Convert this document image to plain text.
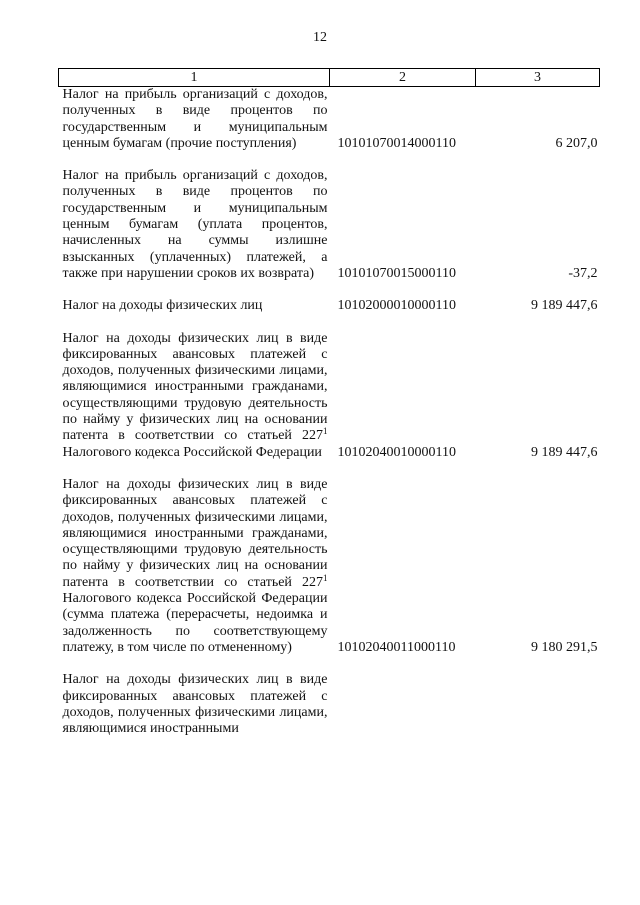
12
1	2	3
Налог на прибыль организаций с доходов, полученных в виде процентов по государственным и муниципальным ценным бумагам (прочие поступления)	10101070014000110	6 207,0

Налог на прибыль организаций с доходов, полученных в виде процентов по государственным и муниципальным ценным бумагам (уплата процентов, начисленных на суммы излишне взысканных (уплаченных) платежей, а также при нарушении сроков их возврата)	10101070015000110	-37,2

Налог на доходы физических лиц	10102000010000110	9 189 447,6

Налог на доходы физических лиц в виде фиксированных авансовых платежей с доходов, полученных физическими лицами, являющимися иностранными гражданами, осуществляющими трудовую деятельность по найму у физических лиц на основании патента в соответствии со статьей $227^1$ Налогового кодекса Российской Федерации	10102040010000110	9 189 447,6

Налог на доходы физических лиц в виде фиксированных авансовых платежей с доходов, полученных физическими лицами, являющимися иностранными гражданами, осуществляющими трудовую деятельность по найму у физических лиц на основании патента в соответствии со статьей $227^1$ Налогового кодекса Российской Федерации (сумма платежа (перерасчеты, недоимка и задолженность по соответствующему платежу, в том числе по отмененному)	10102040011000110	9 180 291,5

Налог на доходы физических лиц в виде фиксированных авансовых платежей с доходов, полученных физическими лицами, являющимися иностранными		
